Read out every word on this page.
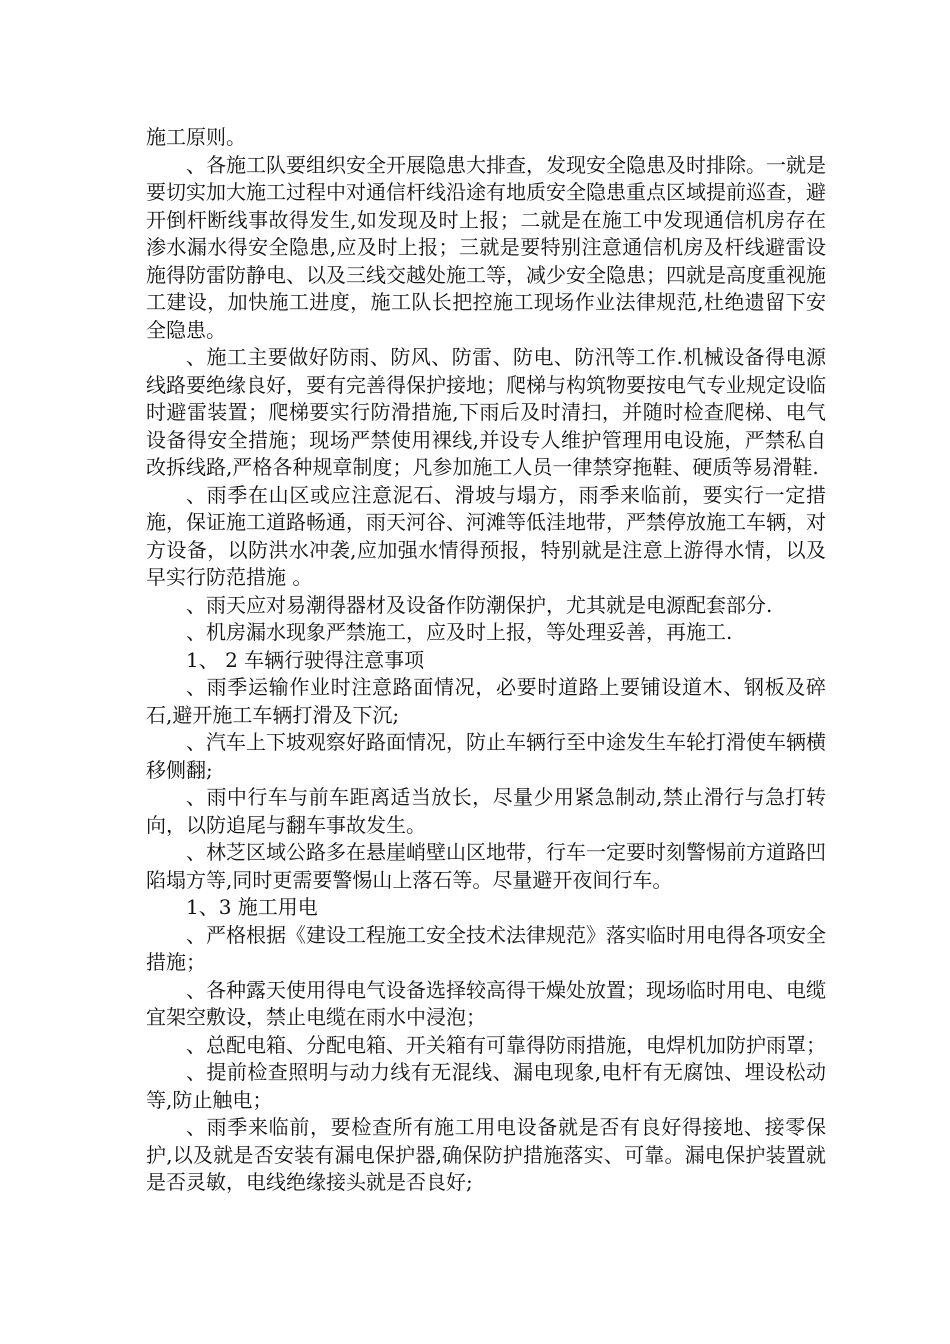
施工原则。

、各施工队要组织安全开展隐患大排查，发现安全隐患及时排除。一就是要切实加大施工过程中对通信杆线沿途有地质安全隐患重点区域提前巡查，避开倒杆断线事故得发生,如发现及时上报；二就是在施工中发现通信机房存在渗水漏水得安全隐患,应及时上报；三就是要特别注意通信机房及杆线避雷设施得防雷防静电、以及三线交越处施工等，减少安全隐患；四就是高度重视施工建设，加快施工进度，施工队长把控施工现场作业法律规范,杜绝遗留下安全隐患。

、施工主要做好防雨、防风、防雷、防电、防汛等工作.机械设备得电源线路要绝缘良好，要有完善得保护接地；爬梯与构筑物要按电气专业规定设临时避雷装置；爬梯要实行防滑措施,下雨后及时清扫，并随时检查爬梯、电气设备得安全措施；现场严禁使用裸线,并设专人维护管理用电设施，严禁私自改拆线路,严格各种规章制度；凡参加施工人员一律禁穿拖鞋、硬质等易滑鞋.

、雨季在山区或应注意泥石、滑坡与塌方，雨季来临前，要实行一定措施，保证施工道路畅通，雨天河谷、河滩等低洼地带，严禁停放施工车辆，对方设备，以防洪水冲袭,应加强水情得预报，特别就是注意上游得水情，以及早实行防范措施 。

、雨天应对易潮得器材及设备作防潮保护，尤其就是电源配套部分.

、机房漏水现象严禁施工，应及时上报，等处理妥善，再施工.

1、 2 车辆行驶得注意事项

、雨季运输作业时注意路面情况，必要时道路上要铺设道木、钢板及碎石,避开施工车辆打滑及下沉;

、汽车上下坡观察好路面情况，防止车辆行至中途发生车轮打滑使车辆横移侧翻;

、雨中行车与前车距离适当放长，尽量少用紧急制动,禁止滑行与急打转向，以防追尾与翻车事故发生。

、林芝区域公路多在悬崖峭壁山区地带，行车一定要时刻警惕前方道路凹陷塌方等,同时更需要警惕山上落石等。尽量避开夜间行车。

1、3 施工用电

、严格根据《建设工程施工安全技术法律规范》落实临时用电得各项安全措施；

、各种露天使用得电气设备选择较高得干燥处放置；现场临时用电、电缆宜架空敷设，禁止电缆在雨水中浸泡；

、总配电箱、分配电箱、开关箱有可靠得防雨措施，电焊机加防护雨罩；

、提前检查照明与动力线有无混线、漏电现象,电杆有无腐蚀、埋设松动等,防止触电；

、雨季来临前，要检查所有施工用电设备就是否有良好得接地、接零保护,以及就是否安装有漏电保护器,确保防护措施落实、可靠。漏电保护装置就是否灵敏，电线绝缘接头就是否良好;
